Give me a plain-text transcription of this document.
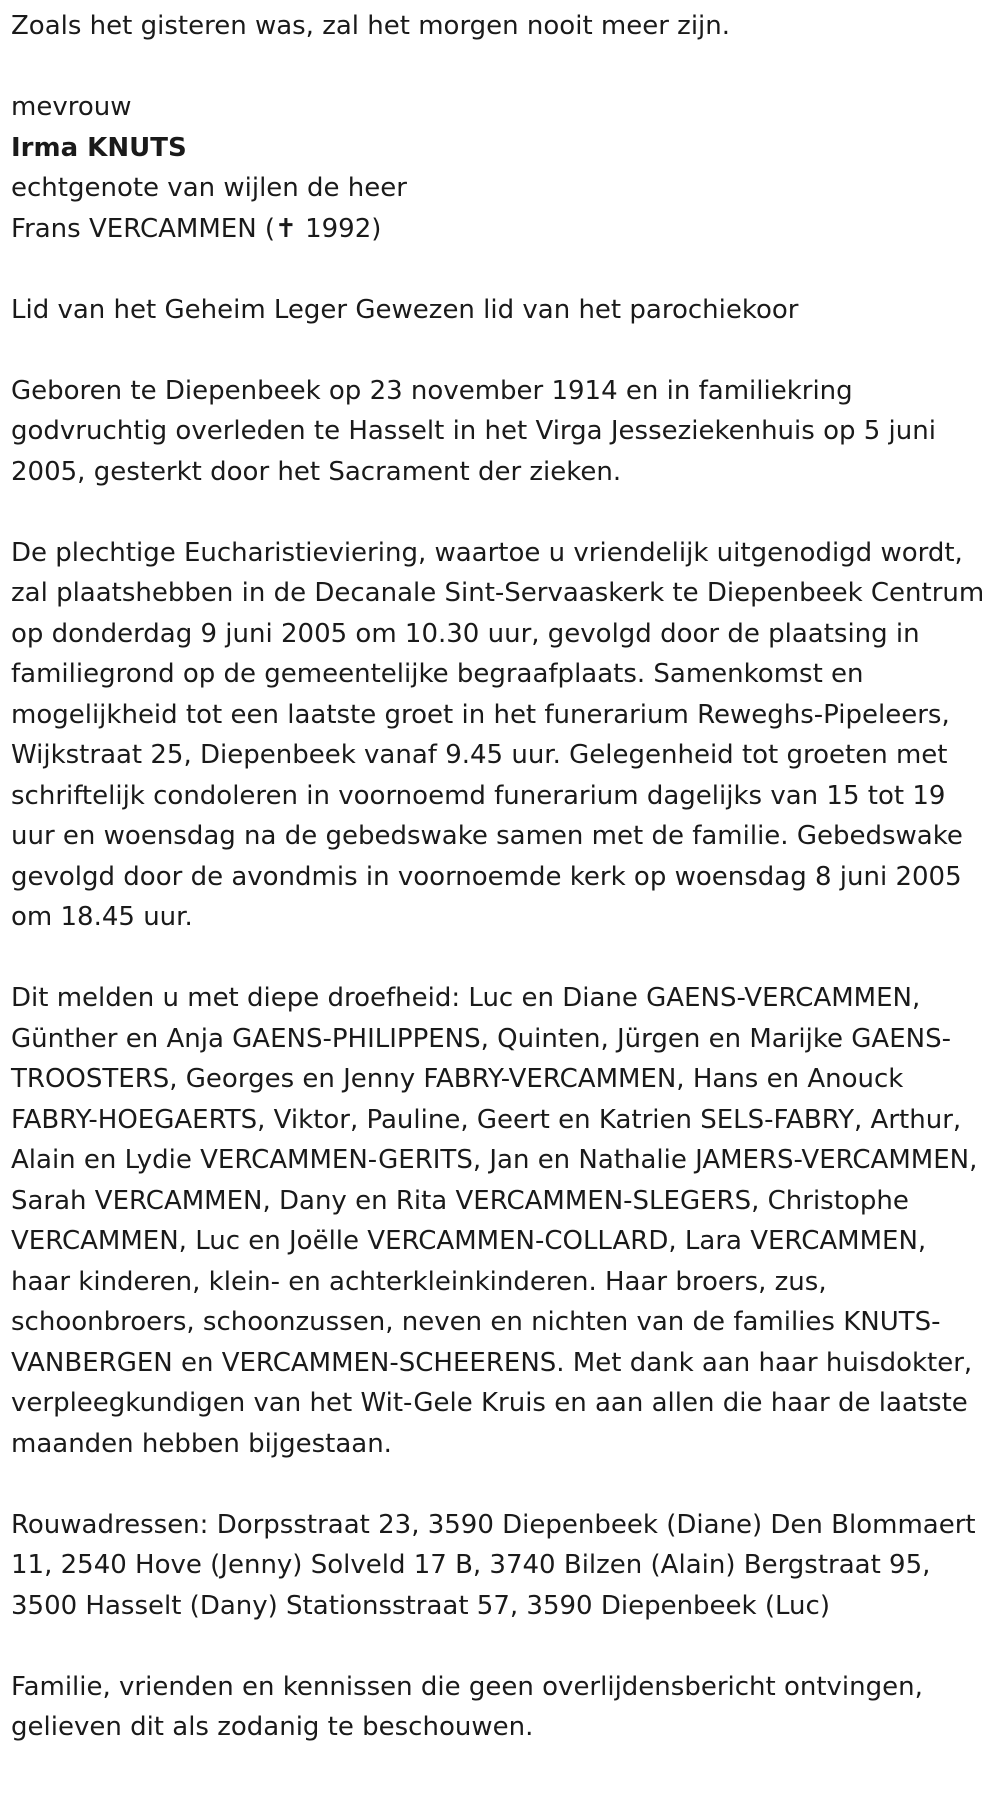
Zoals het gisteren was, zal het morgen nooit meer zijn.

mevrouw
Irma KNUTS
echtgenote van wijlen de heer
Frans VERCAMMEN (✝ 1992)

Lid van het Geheim Leger Gewezen lid van het parochiekoor

Geboren te Diepenbeek op 23 november 1914 en in familiekring godvruchtig overleden te Hasselt in het Virga Jesseziekenhuis op 5 juni 2005, gesterkt door het Sacrament der zieken.

De plechtige Eucharistieviering, waartoe u vriendelijk uitgenodigd wordt, zal plaatshebben in de Decanale Sint-Servaaskerk te Diepenbeek Centrum op donderdag 9 juni 2005 om 10.30 uur, gevolgd door de plaatsing in familiegrond op de gemeentelijke begraafplaats. Samenkomst en mogelijkheid tot een laatste groet in het funerarium Reweghs-Pipeleers, Wijkstraat 25, Diepenbeek vanaf 9.45 uur. Gelegenheid tot groeten met schriftelijk condoleren in voornoemd funerarium dagelijks van 15 tot 19 uur en woensdag na de gebedswake samen met de familie. Gebedswake gevolgd door de avondmis in voornoemde kerk op woensdag 8 juni 2005 om 18.45 uur.

Dit melden u met diepe droefheid: Luc en Diane GAENS-VERCAMMEN, Günther en Anja GAENS-PHILIPPENS, Quinten, Jürgen en Marijke GAENS-TROOSTERS, Georges en Jenny FABRY-VERCAMMEN, Hans en Anouck FABRY-HOEGAERTS, Viktor, Pauline, Geert en Katrien SELS-FABRY, Arthur, Alain en Lydie VERCAMMEN-GERITS, Jan en Nathalie JAMERS-VERCAMMEN, Sarah VERCAMMEN, Dany en Rita VERCAMMEN-SLEGERS, Christophe VERCAMMEN, Luc en Joëlle VERCAMMEN-COLLARD, Lara VERCAMMEN, haar kinderen, klein- en achterkleinkinderen. Haar broers, zus, schoonbroers, schoonzussen, neven en nichten van de families KNUTS-VANBERGEN en VERCAMMEN-SCHEERENS. Met dank aan haar huisdokter, verpleegkundigen van het Wit-Gele Kruis en aan allen die haar de laatste maanden hebben bijgestaan.

Rouwadressen: Dorpsstraat 23, 3590 Diepenbeek (Diane) Den Blommaert 11, 2540 Hove (Jenny) Solveld 17 B, 3740 Bilzen (Alain) Bergstraat 95, 3500 Hasselt (Dany) Stationsstraat 57, 3590 Diepenbeek (Luc)

Familie, vrienden en kennissen die geen overlijdensbericht ontvingen, gelieven dit als zodanig te beschouwen.
